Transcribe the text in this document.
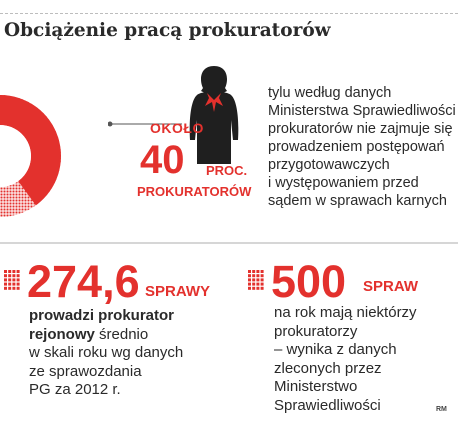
Obciążenie pracą prokuratorów
OKOŁO
40 PROC.
PROKURATORÓW
tylu według danych
Ministerstwa Sprawiedliwości
prokuratorów nie zajmuje się
prowadzeniem postępowań
przygotowawczych
i występowaniem przed
sądem w sprawach karnych
274,6 SPRAWY
prowadzi prokurator
rejonowy średnio
w skali roku wg danych
ze sprawozdania
PG za 2012 r.
500 SPRAW
na rok mają niektórzy
prokuratorzy
– wynika z danych
zleconych przez
Ministerstwo
Sprawiedliwości	RM
